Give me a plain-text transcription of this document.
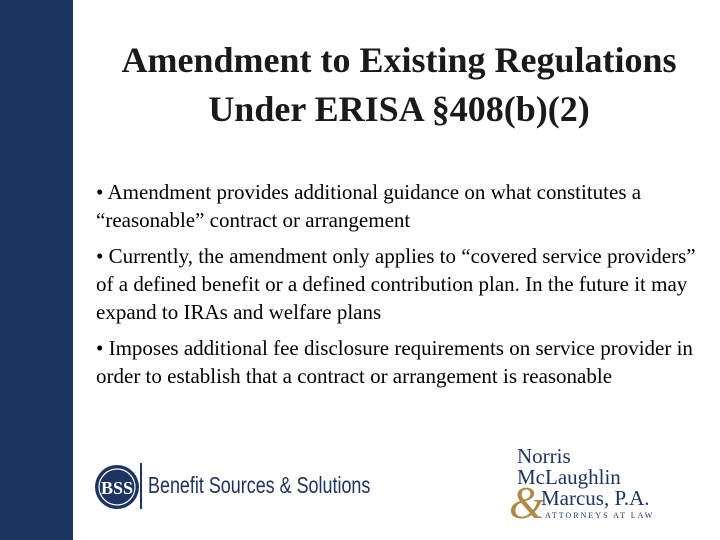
Amendment to Existing Regulations
Under ERISA §408(b)(2)

• Amendment provides additional guidance on what constitutes a “reasonable” contract or arrangement

• Currently, the amendment only applies to “covered service providers” of a defined benefit or a defined contribution plan. In the future it may expand to IRAs and welfare plans

• Imposes additional fee disclosure requirements on service provider in order to establish that a contract or arrangement is reasonable

BSS Benefit Sources & Solutions
Norris
McLaughlin
&
Marcus, P.A.
ATTORNEYS AT LAW
